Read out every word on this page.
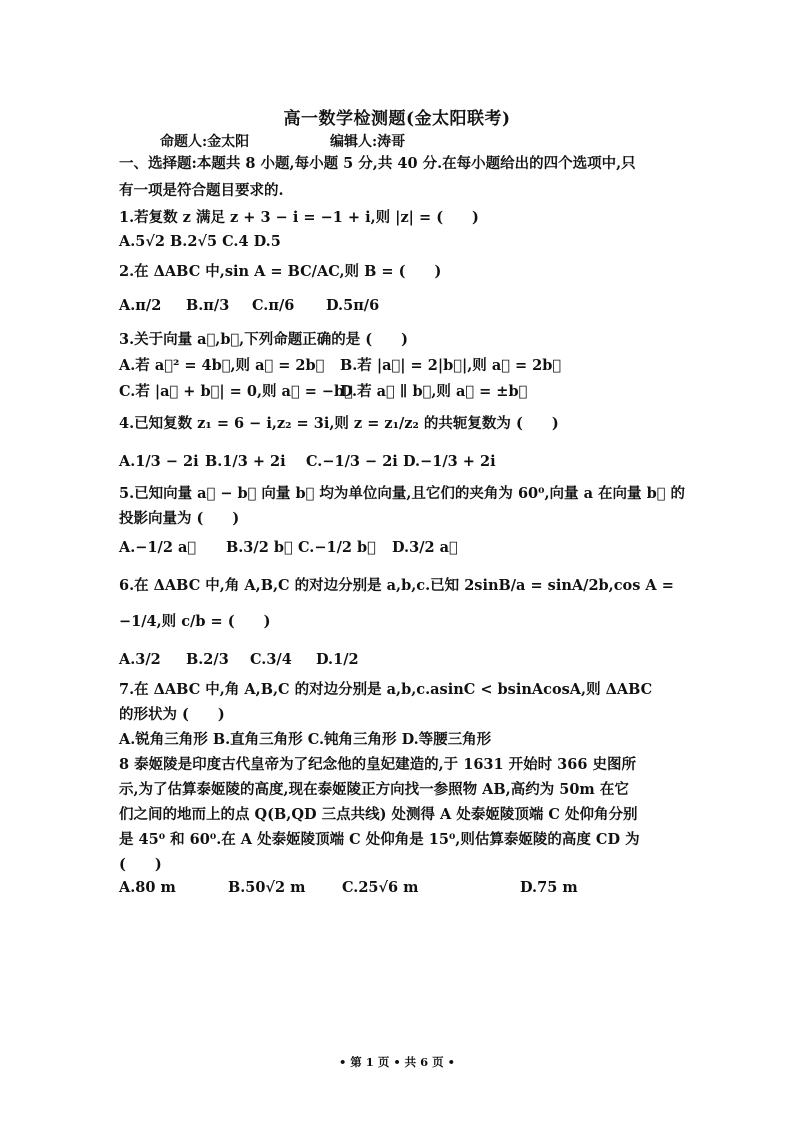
高一数学检测题(金太阳联考)
命题人:金太阳	编辑人:涛哥
一、选择题:本题共 8 小题,每小题 5 分,共 40 分.在每小题给出的四个选项中,只
有一项是符合题目要求的.
1.若复数 z 满足 z + 3 − i = −1 + i,则 |z| = (　　)
A.5√2 B.2√5 C.4 D.5
2.在 ΔABC 中,sin A = BC/AC,则 B = (　　)
A.π/2 B.π/3 C.π/6 D.5π/6
3.关于向量 a⃗,b⃗,下列命题正确的是 (　　)
A.若 a⃗² = 4b⃗,则 a⃗ = 2b⃗ B.若 |a⃗| = 2|b⃗|,则 a⃗ = 2b⃗
C.若 |a⃗ + b⃗| = 0,则 a⃗ = −b⃗
D.若 a⃗ ∥ b⃗,则 a⃗ = ±b⃗
4.已知复数 z₁ = 6 − i,z₂ = 3i,则 z = z₁/z₂ 的共轭复数为 (　　)
A.1/3 − 2i B.1/3 + 2i C.−1/3 − 2i D.−1/3 + 2i
5.已知向量 a⃗ − b⃗ 向量 b⃗ 均为单位向量,且它们的夹角为 60⁰,向量 a 在向量 b⃗ 的
投影向量为 (　　)
A.−1/2 a⃗ B.3/2 b⃗ C.−1/2 b⃗ D.3/2 a⃗
6.在 ΔABC 中,角 A,B,C 的对边分别是 a,b,c.已知 2sinB/a = sinA/2b,cos A =
−1/4,则 c/b = (　　)
A.3/2 B.2/3 C.3/4 D.1/2
7.在 ΔABC 中,角 A,B,C 的对边分别是 a,b,c.asinC < bsinAcosA,则 ΔABC
的形状为 (　　)
A.锐角三角形 B.直角三角形 C.钝角三角形 D.等腰三角形
8 泰姬陵是印度古代皇帝为了纪念他的皇妃建造的,于 1631 开始时 366 史图所
示,为了估算泰姬陵的高度,现在泰姬陵正方向找一参照物 AB,高约为 50m 在它
们之间的地而上的点 Q(B,QD 三点共线) 处测得 A 处泰姬陵顶端 C 处仰角分别
是 45⁰ 和 60⁰.在 A 处泰姬陵顶端 C 处仰角是 15⁰,则估算泰姬陵的高度 CD 为
(　　)
A.80 m	B.50√2 m	C.25√6 m	D.75 m
• 第 1 页 • 共 6 页 •
